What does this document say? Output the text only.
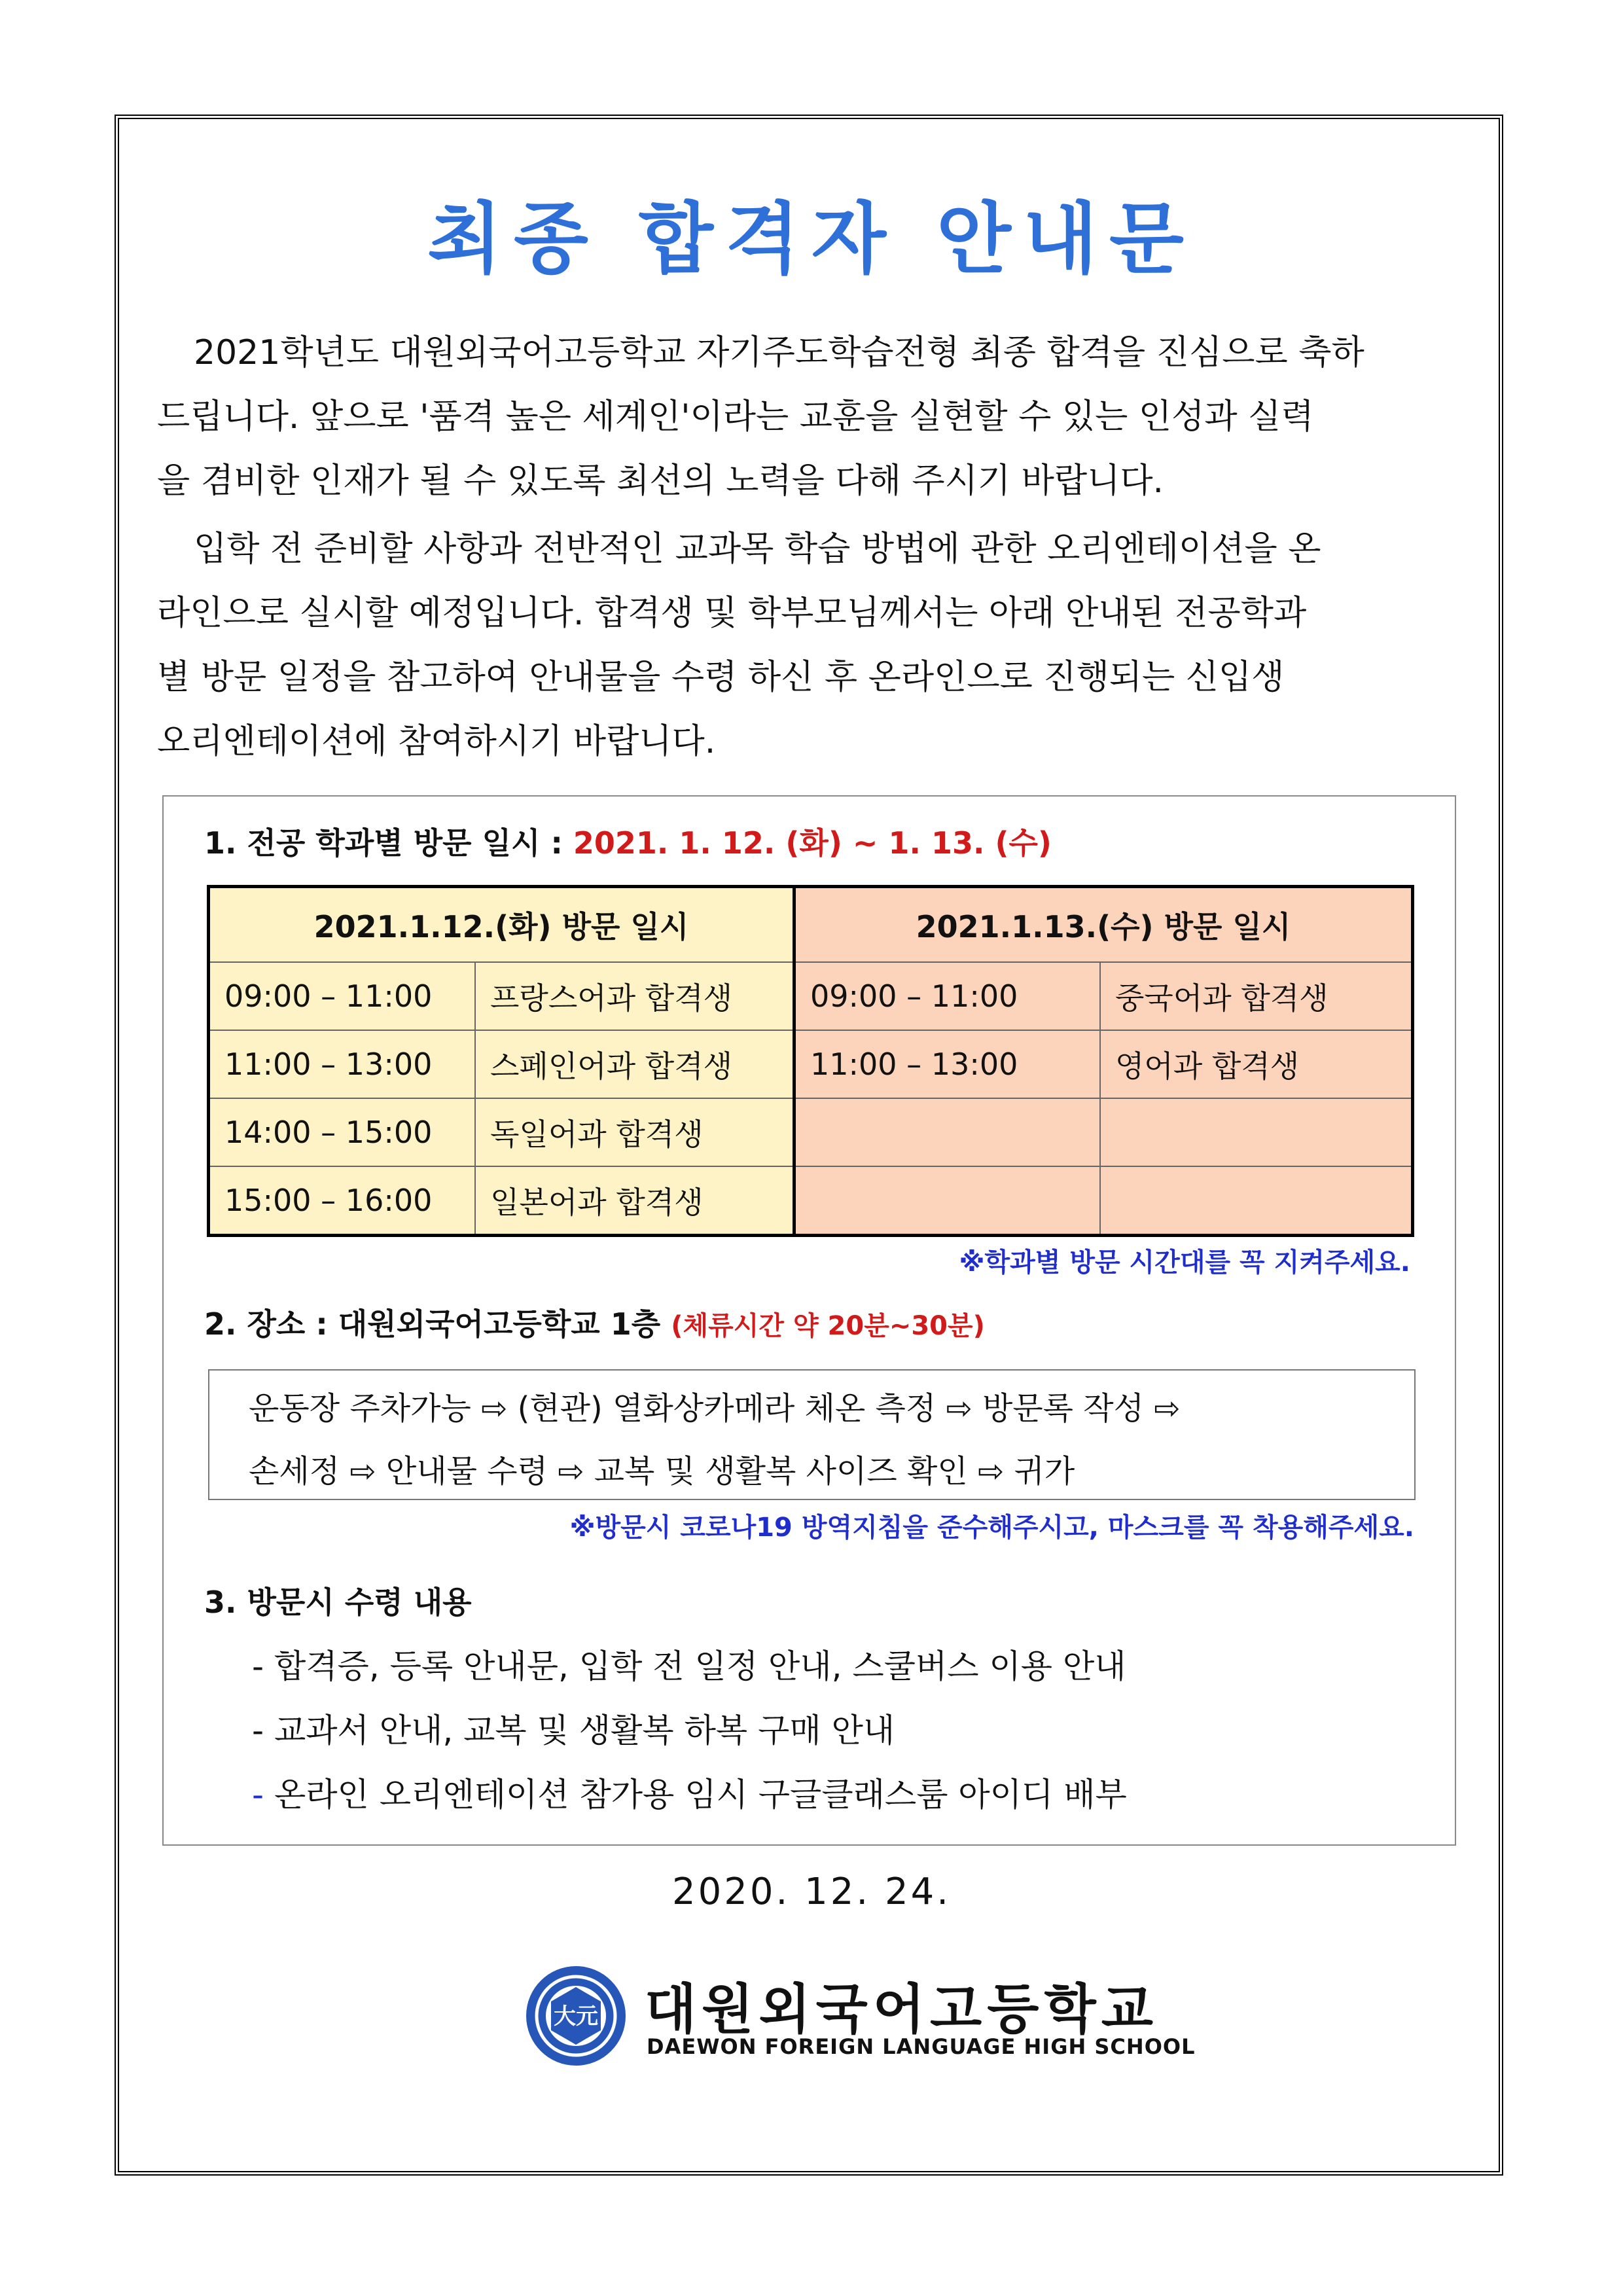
최종 합격자 안내문
2021학년도 대원외국어고등학교 자기주도학습전형 최종 합격을 진심으로 축하
드립니다. 앞으로 '품격 높은 세계인'이라는 교훈을 실현할 수 있는 인성과 실력
을 겸비한 인재가 될 수 있도록 최선의 노력을 다해 주시기 바랍니다.
입학 전 준비할 사항과 전반적인 교과목 학습 방법에 관한 오리엔테이션을 온
라인으로 실시할 예정입니다. 합격생 및 학부모님께서는 아래 안내된 전공학과
별 방문 일정을 참고하여 안내물을 수령 하신 후 온라인으로 진행되는 신입생
오리엔테이션에 참여하시기 바랍니다.
1. 전공 학과별 방문 일시 : 2021. 1. 12. (화) ~ 1. 13. (수)
2021.1.12.(화) 방문 일시		2021.1.13.(수) 방문 일시	
09:00 – 11:00	프랑스어과 합격생	09:00 – 11:00	중국어과 합격생
11:00 – 13:00	스페인어과 합격생	11:00 – 13:00	영어과 합격생
14:00 – 15:00	독일어과 합격생		
15:00 – 16:00	일본어과 합격생		
※학과별 방문 시간대를 꼭 지켜주세요.
2. 장소 : 대원외국어고등학교 1층 (체류시간 약 20분~30분)
운동장 주차가능 ⇨ (현관) 열화상카메라 체온 측정 ⇨ 방문록 작성 ⇨
손세정 ⇨ 안내물 수령 ⇨ 교복 및 생활복 사이즈 확인 ⇨ 귀가
※방문시 코로나19 방역지침을 준수해주시고, 마스크를 꼭 착용해주세요.
3. 방문시 수령 내용
- 합격증, 등록 안내문, 입학 전 일정 안내, 스쿨버스 이용 안내
- 교과서 안내, 교복 및 생활복 하복 구매 안내
- 온라인 오리엔테이션 참가용 임시 구글클래스룸 아이디 배부
2020. 12. 24.
大元 대원외국어고등학교
DAEWON FOREIGN LANGUAGE HIGH SCHOOL
